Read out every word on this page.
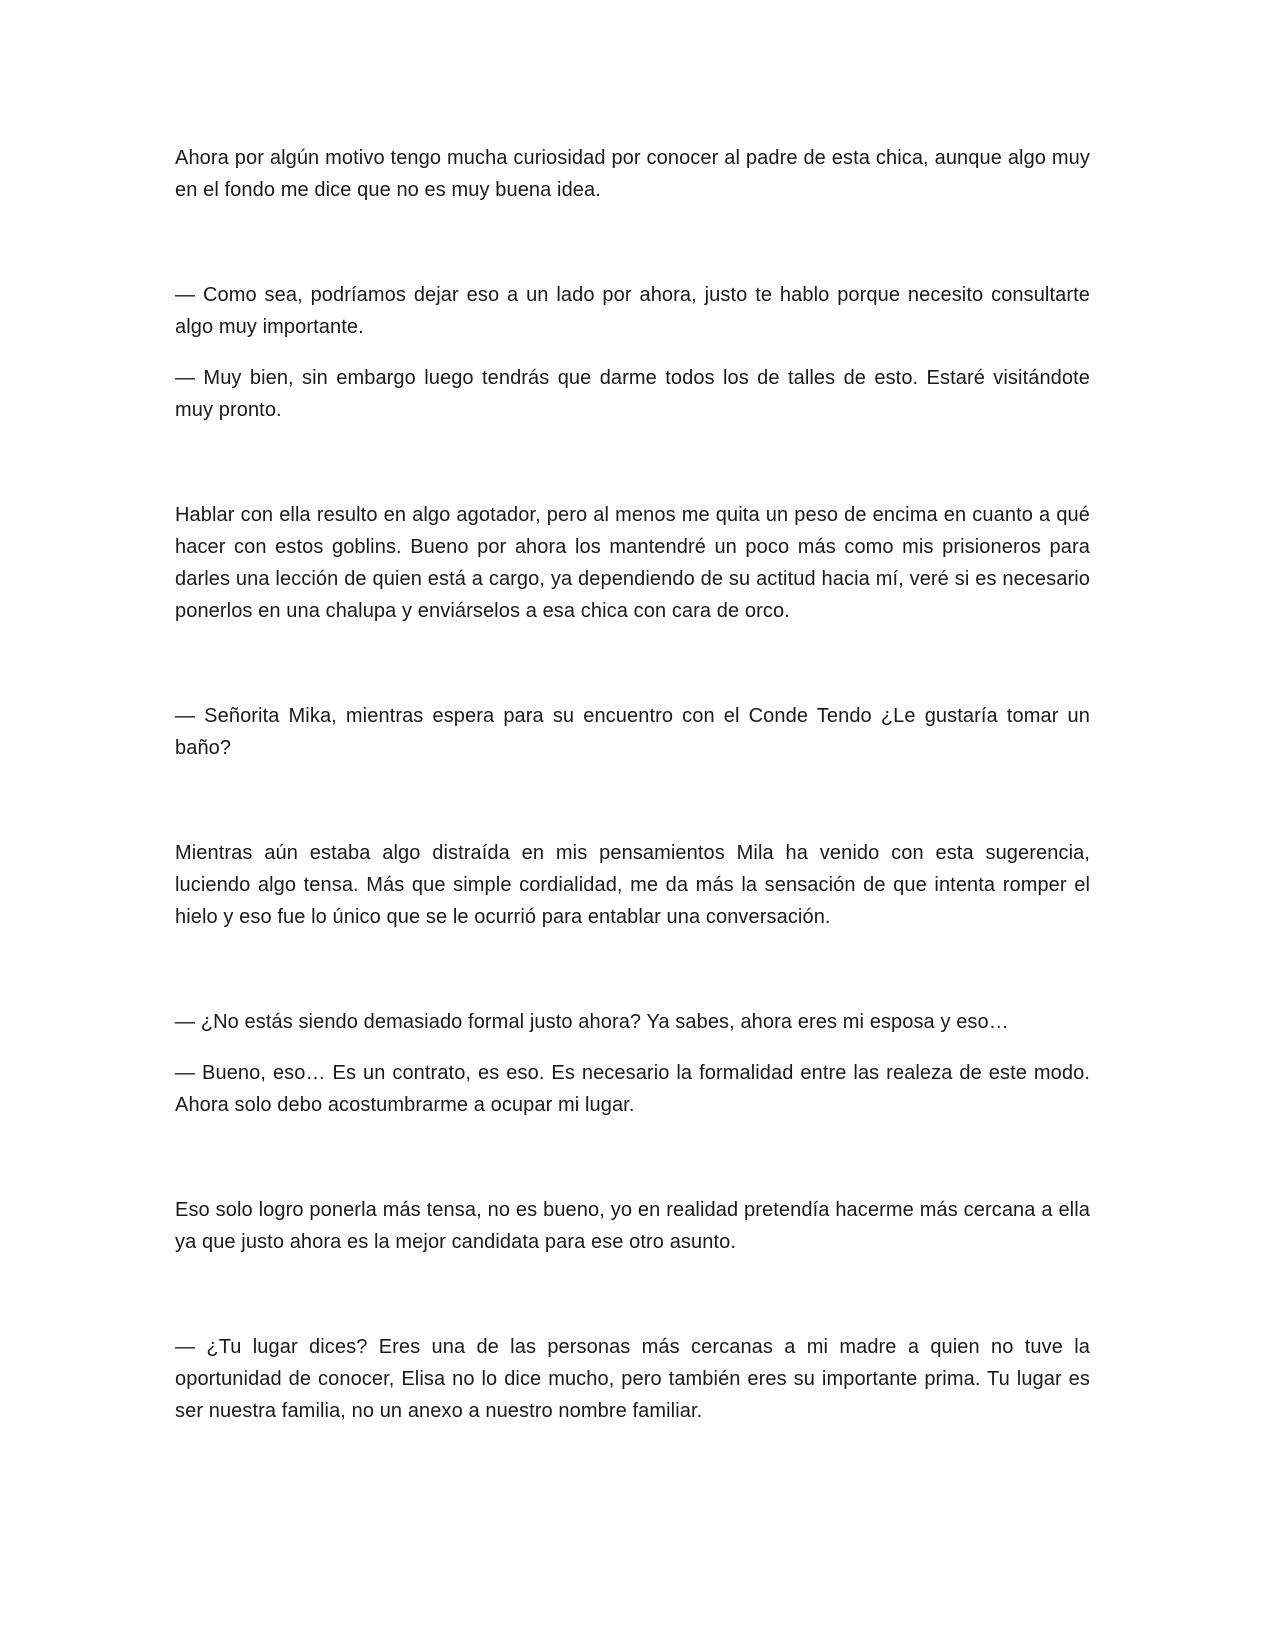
Ahora por algún motivo tengo mucha curiosidad por conocer al padre de esta chica, aunque algo muy en el fondo me dice que no es muy buena idea.

— Como sea, podríamos dejar eso a un lado por ahora, justo te hablo porque necesito consultarte algo muy importante.

— Muy bien, sin embargo luego tendrás que darme todos los de talles de esto. Estaré visitándote muy pronto.

Hablar con ella resulto en algo agotador, pero al menos me quita un peso de encima en cuanto a qué hacer con estos goblins. Bueno por ahora los mantendré un poco más como mis prisioneros para darles una lección de quien está a cargo, ya dependiendo de su actitud hacia mí, veré si es necesario ponerlos en una chalupa y enviárselos a esa chica con cara de orco.

— Señorita Mika, mientras espera para su encuentro con el Conde Tendo ¿Le gustaría tomar un baño?

Mientras aún estaba algo distraída en mis pensamientos Mila ha venido con esta sugerencia, luciendo algo tensa. Más que simple cordialidad, me da más la sensación de que intenta romper el hielo y eso fue lo único que se le ocurrió para entablar una conversación.

— ¿No estás siendo demasiado formal justo ahora? Ya sabes, ahora eres mi esposa y eso…

— Bueno, eso… Es un contrato, es eso. Es necesario la formalidad entre las realeza de este modo. Ahora solo debo acostumbrarme a ocupar mi lugar.

Eso solo logro ponerla más tensa, no es bueno, yo en realidad pretendía hacerme más cercana a ella ya que justo ahora es la mejor candidata para ese otro asunto.

— ¿Tu lugar dices? Eres una de las personas más cercanas a mi madre a quien no tuve la oportunidad de conocer, Elisa no lo dice mucho, pero también eres su importante prima. Tu lugar es ser nuestra familia, no un anexo a nuestro nombre familiar.
